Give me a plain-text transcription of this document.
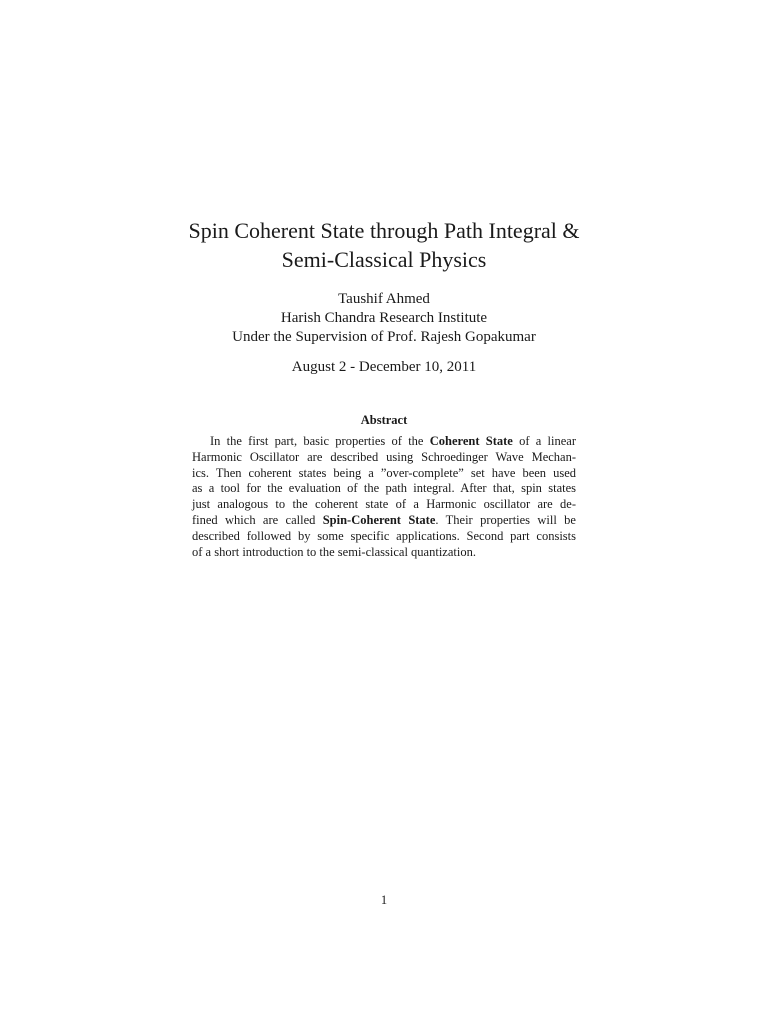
Spin Coherent State through Path Integral &
Semi-Classical Physics
Taushif Ahmed
Harish Chandra Research Institute
Under the Supervision of Prof. Rajesh Gopakumar
August 2 - December 10, 2011
Abstract
In the first part, basic properties of the Coherent State of a linear
Harmonic Oscillator are described using Schroedinger Wave Mechan-
ics. Then coherent states being a ”over-complete” set have been used
as a tool for the evaluation of the path integral. After that, spin states
just analogous to the coherent state of a Harmonic oscillator are de-
fined which are called Spin-Coherent State. Their properties will be
described followed by some specific applications. Second part consists
of a short introduction to the semi-classical quantization.
1
